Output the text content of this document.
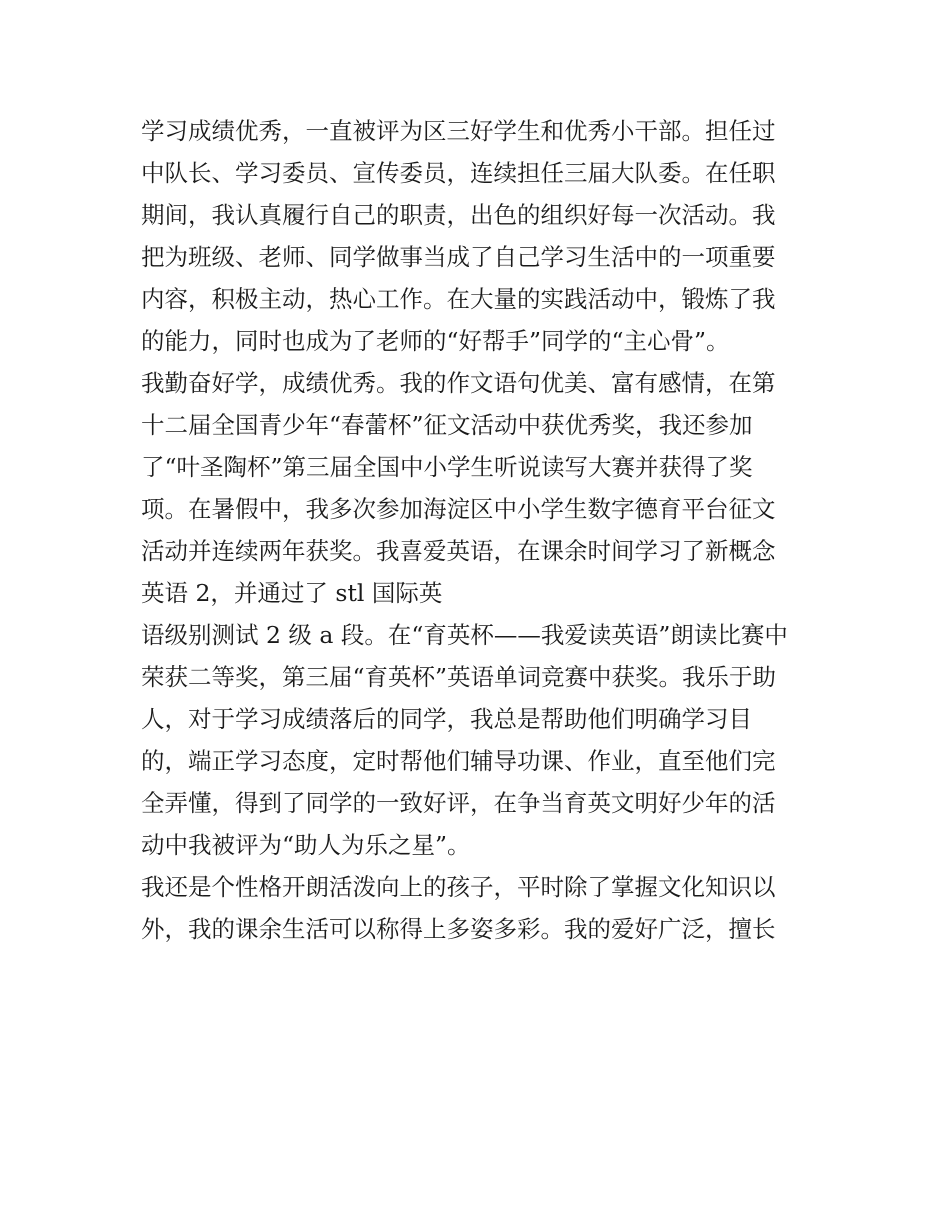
学习成绩优秀，一直被评为区三好学生和优秀小干部。担任过
中队长、学习委员、宣传委员，连续担任三届大队委。在任职
期间，我认真履行自己的职责，出色的组织好每一次活动。我
把为班级、老师、同学做事当成了自己学习生活中的一项重要
内容，积极主动，热心工作。在大量的实践活动中，锻炼了我
的能力，同时也成为了老师的“好帮手”同学的“主心骨”。
我勤奋好学，成绩优秀。我的作文语句优美、富有感情，在第
十二届全国青少年“春蕾杯”征文活动中获优秀奖，我还参加
了“叶圣陶杯”第三届全国中小学生听说读写大赛并获得了奖
项。在暑假中，我多次参加海淀区中小学生数字德育平台征文
活动并连续两年获奖。我喜爱英语，在课余时间学习了新概念
英语 2，并通过了 stl 国际英
语级别测试 2 级 a 段。在“育英杯——我爱读英语”朗读比赛中
荣获二等奖，第三届“育英杯”英语单词竞赛中获奖。我乐于助
人，对于学习成绩落后的同学，我总是帮助他们明确学习目
的，端正学习态度，定时帮他们辅导功课、作业，直至他们完
全弄懂，得到了同学的一致好评，在争当育英文明好少年的活
动中我被评为“助人为乐之星”。
我还是个性格开朗活泼向上的孩子，平时除了掌握文化知识以
外，我的课余生活可以称得上多姿多彩。我的爱好广泛，擅长
